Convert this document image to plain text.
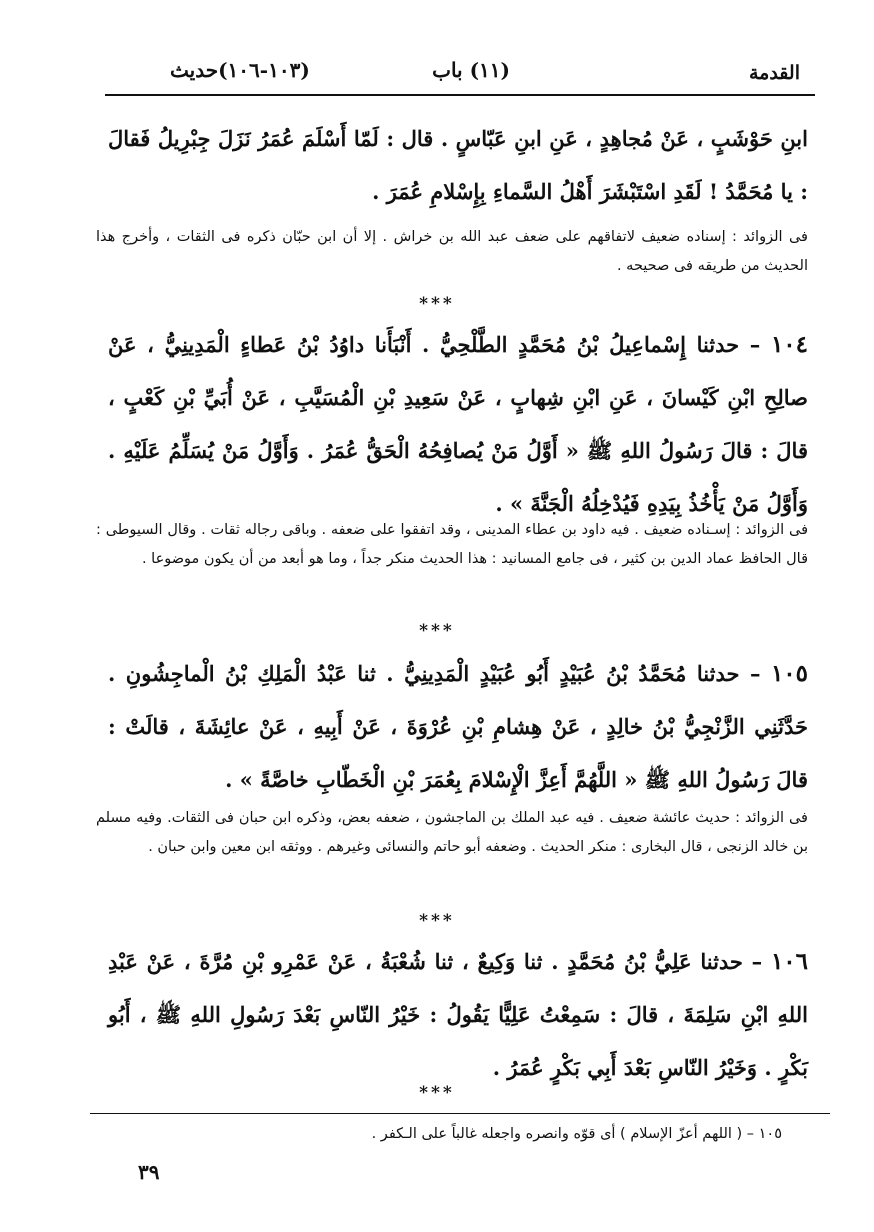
القدمة
(١١) باب
(١٠٣-١٠٦)حديث
ابنِ حَوْشَبٍ ، عَنْ مُجاهِدٍ ، عَنِ ابنِ عَبّاسٍ . قال : لَمّا أَسْلَمَ عُمَرُ نَزَلَ جِبْرِيلُ فَقالَ : يا مُحَمَّدُ ! لَقَدِ اسْتَبْشَرَ أَهْلُ السَّماءِ بِإِسْلامِ عُمَرَ .
فى الزوائد : إسناده ضعيف لاتفاقهم على ضعف عبد الله بن خراش . إلا أن ابن حبّان ذكره فى الثقات ، وأخرج هذا الحديث من طريقه فى صحيحه .
***
١٠٤ – حدثنا إِسْماعِيلُ بْنُ مُحَمَّدٍ الطَّلْحِيُّ . أَنْبَأَنا داوُدُ بْنُ عَطاءٍ الْمَدِينِيُّ ، عَنْ صالِحِ ابْنِ كَيْسانَ ، عَنِ ابْنِ شِهابٍ ، عَنْ سَعِيدِ بْنِ الْمُسَيَّبِ ، عَنْ أُبَيِّ بْنِ كَعْبٍ ، قالَ : قالَ رَسُولُ اللهِ ﷺ « أَوَّلُ مَنْ يُصافِحُهُ الْحَقُّ عُمَرُ . وَأَوَّلُ مَنْ يُسَلِّمُ عَلَيْهِ . وَأَوَّلُ مَنْ يَأْخُذُ بِيَدِهِ فَيُدْخِلُهُ الْجَنَّةَ » .
فى الزوائد : إسـناده ضعيف . فيه داود بن عطاء المدينى ، وقد اتفقوا على ضعفه . وباقى رجاله ثقات . وقال السيوطى : قال الحافظ عماد الدين بن كثير ، فى جامع المسانيد : هذا الحديث منكر جداً ، وما هو أبعد من أن يكون موضوعا .
***
١٠٥ – حدثنا مُحَمَّدُ بْنُ عُبَيْدٍ أَبُو عُبَيْدٍ الْمَدِينِيُّ . ثنا عَبْدُ الْمَلِكِ بْنُ الْماجِشُونِ . حَدَّثَنِي الزَّنْجِيُّ بْنُ خالِدٍ ، عَنْ هِشامِ بْنِ عُرْوَةَ ، عَنْ أَبِيهِ ، عَنْ عائِشَةَ ، قالَتْ : قالَ رَسُولُ اللهِ ﷺ « اللَّهُمَّ أَعِزَّ الْإِسْلامَ بِعُمَرَ بْنِ الْخَطّابِ خاصَّةً » .
فى الزوائد : حديث عائشة ضعيف . فيه عبد الملك بن الماجشون ، ضعفه بعض، وذكره ابن حبان فى الثقات. وفيه مسلم بن خالد الزنجى ، قال البخارى : منكر الحديث . وضعفه أبو حاتم والنسائى وغيرهم . ووثقه ابن معين وابن حبان .
***
١٠٦ – حدثنا عَلِيُّ بْنُ مُحَمَّدٍ . ثنا وَكِيعٌ ، ثنا شُعْبَةُ ، عَنْ عَمْرِو بْنِ مُرَّةَ ، عَنْ عَبْدِ اللهِ ابْنِ سَلِمَةَ ، قالَ : سَمِعْتُ عَلِيًّا يَقُولُ : خَيْرُ النّاسِ بَعْدَ رَسُولِ اللهِ ﷺ ، أَبُو بَكْرٍ . وَخَيْرُ النّاسِ بَعْدَ أَبِي بَكْرٍ عُمَرُ .
***
١٠٥ – ( اللهم أعزّ الإسلام ) أى قوّه وانصره واجعله غالباً على الـكفر .
٣٩
